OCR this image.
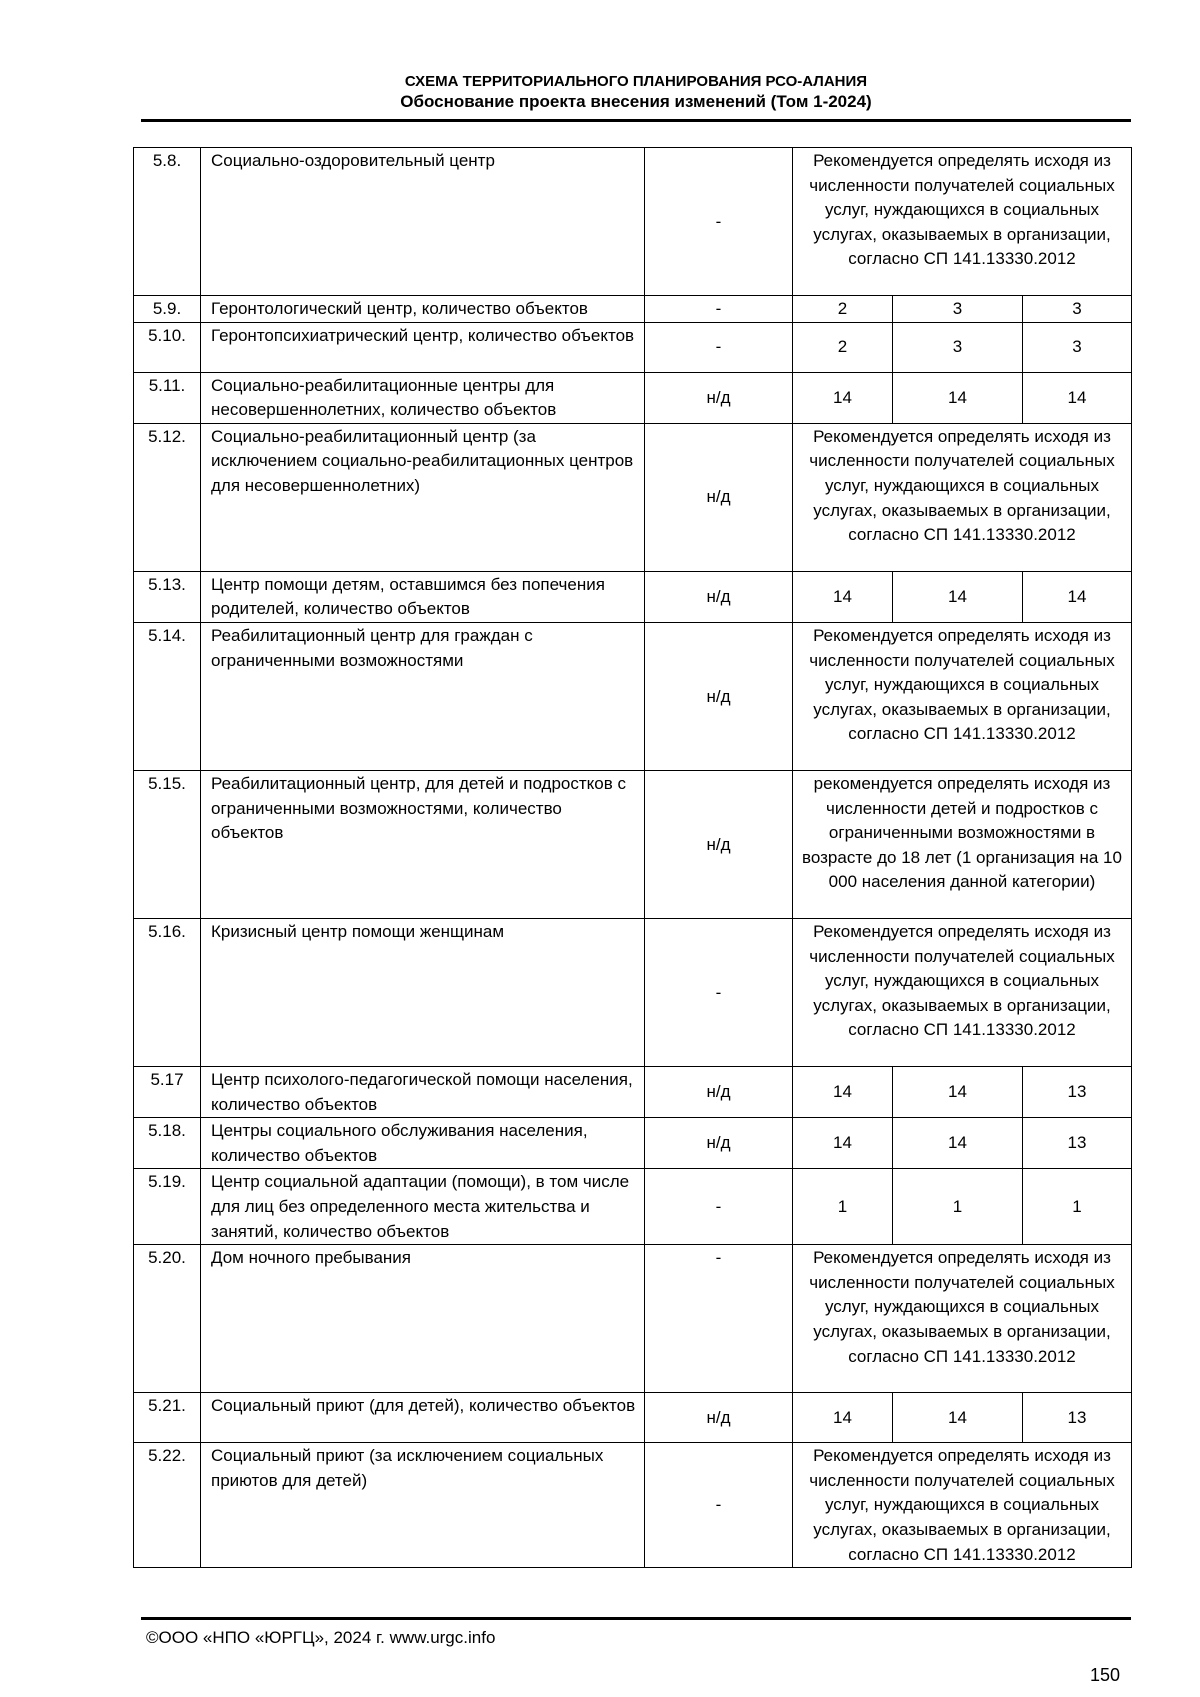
СХЕМА ТЕРРИТОРИАЛЬНОГО ПЛАНИРОВАНИЯ РСО-АЛАНИЯ
Обоснование проекта внесения изменений (Том 1-2024)
5.8.	Социально-оздоровительный центр	-	Рекомендуется определять исходя из численности получателей социальных услуг, нуждающихся в социальных услугах, оказываемых в организации, согласно СП 141.13330.2012		
5.9.	Геронтологический центр, количество объектов	-	2	3	3
5.10.	Геронтопсихиатрический центр, количество объектов	-	2	3	3
5.11.	Социально-реабилитационные центры для несовершеннолетних, количество объектов	н/д	14	14	14
5.12.	Социально-реабилитационный центр (за исключением социально-реабилитационных центров для несовершеннолетних)	н/д	Рекомендуется определять исходя из численности получателей социальных услуг, нуждающихся в социальных услугах, оказываемых в организации, согласно СП 141.13330.2012		
5.13.	Центр помощи детям, оставшимся без попечения родителей, количество объектов	н/д	14	14	14
5.14.	Реабилитационный центр для граждан с ограниченными возможностями	н/д	Рекомендуется определять исходя из численности получателей социальных услуг, нуждающихся в социальных услугах, оказываемых в организации, согласно СП 141.13330.2012		
5.15.	Реабилитационный центр, для детей и подростков с ограниченными возможностями, количество объектов	н/д	рекомендуется определять исходя из численности детей и подростков с ограниченными возможностями в возрасте до 18 лет (1 организация на 10 000 населения данной категории)		
5.16.	Кризисный центр помощи женщинам	-	Рекомендуется определять исходя из численности получателей социальных услуг, нуждающихся в социальных услугах, оказываемых в организации, согласно СП 141.13330.2012		
5.17	Центр психолого-педагогической помощи населения, количество объектов	н/д	14	14	13
5.18.	Центры социального обслуживания населения, количество объектов	н/д	14	14	13
5.19.	Центр социальной адаптации (помощи), в том числе для лиц без определенного места жительства и занятий, количество объектов	-	1	1	1
5.20.	Дом ночного пребывания	-	Рекомендуется определять исходя из численности получателей социальных услуг, нуждающихся в социальных услугах, оказываемых в организации, согласно СП 141.13330.2012		
5.21.	Социальный приют (для детей), количество объектов	н/д	14	14	13
5.22.	Социальный приют (за исключением социальных приютов для детей)	-	Рекомендуется определять исходя из численности получателей социальных услуг, нуждающихся в социальных услугах, оказываемых в организации, согласно СП 141.13330.2012		
©ООО «НПО «ЮРГЦ», 2024 г. www.urgc.info
150
